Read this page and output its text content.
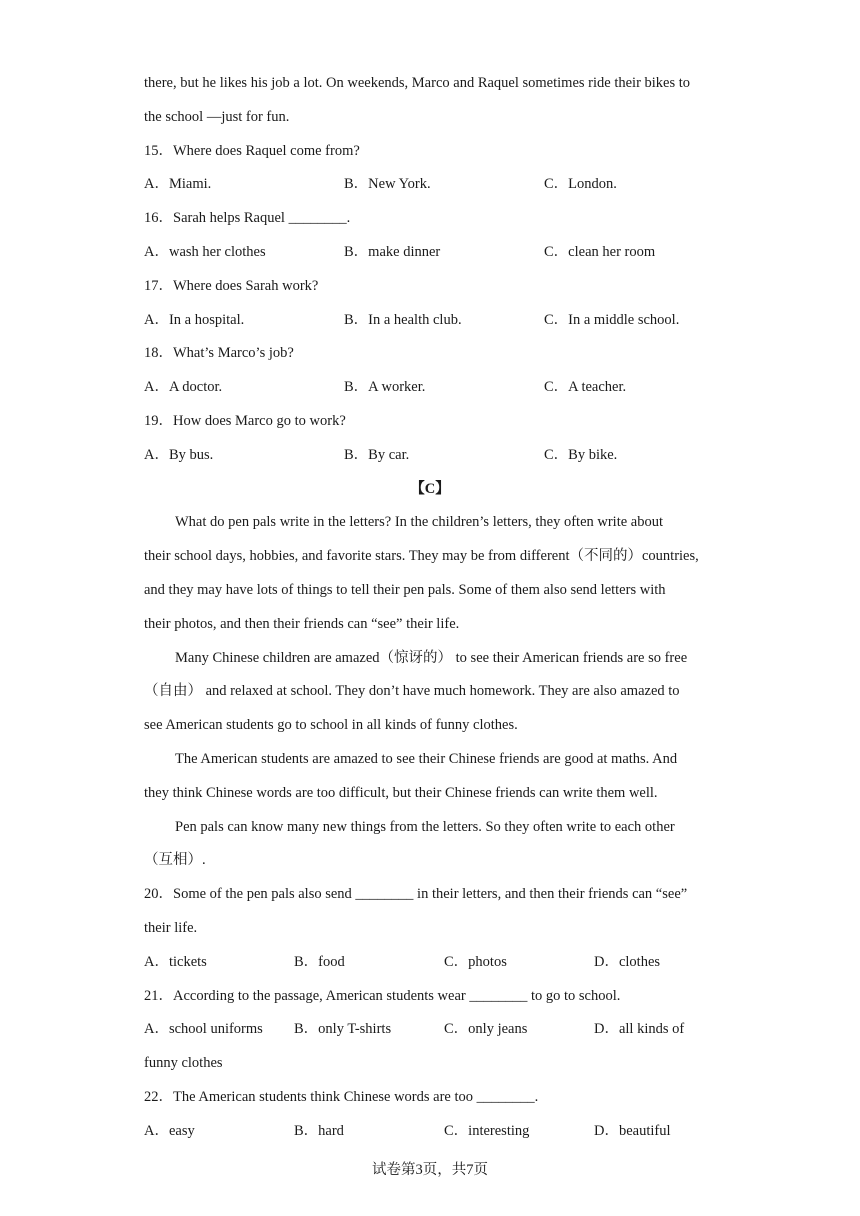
there, but he likes his job a lot. On weekends, Marco and Raquel sometimes ride their bikes to
the school —just for fun.
15．Where does Raquel come from?
A．Miami.	B．New York.	C．London.
16．Sarah helps Raquel ________.
A．wash her clothes	B．make dinner	C．clean her room
17．Where does Sarah work?
A．In a hospital.	B．In a health club.	C．In a middle school.
18．What’s Marco’s job?
A．A doctor.	B．A worker.	C．A teacher.
19．How does Marco go to work?
A．By bus.	B．By car.	C．By bike.
【C】
What do pen pals write in the letters? In the children’s letters, they often write about
their school days, hobbies, and favorite stars. They may be from different（不同的）countries,
and they may have lots of things to tell their pen pals. Some of them also send letters with
their photos, and then their friends can “see” their life.
Many Chinese children are amazed（惊讶的） to see their American friends are so free
（自由） and relaxed at school. They don’t have much homework. They are also amazed to
see American students go to school in all kinds of funny clothes.
The American students are amazed to see their Chinese friends are good at maths. And
they think Chinese words are too difficult, but their Chinese friends can write them well.
Pen pals can know many new things from the letters. So they often write to each other
（互相）.
20．Some of the pen pals also send ________ in their letters, and then their friends can “see”
their life.
A．tickets	B．food	C．photos	D．clothes
21．According to the passage, American students wear ________ to go to school.
A．school uniforms B．only T-shirts	C．only jeans	D．all kinds of
funny clothes
22．The American students think Chinese words are too ________.
A．easy	B．hard	C．interesting	D．beautiful
试卷第3页，共7页
